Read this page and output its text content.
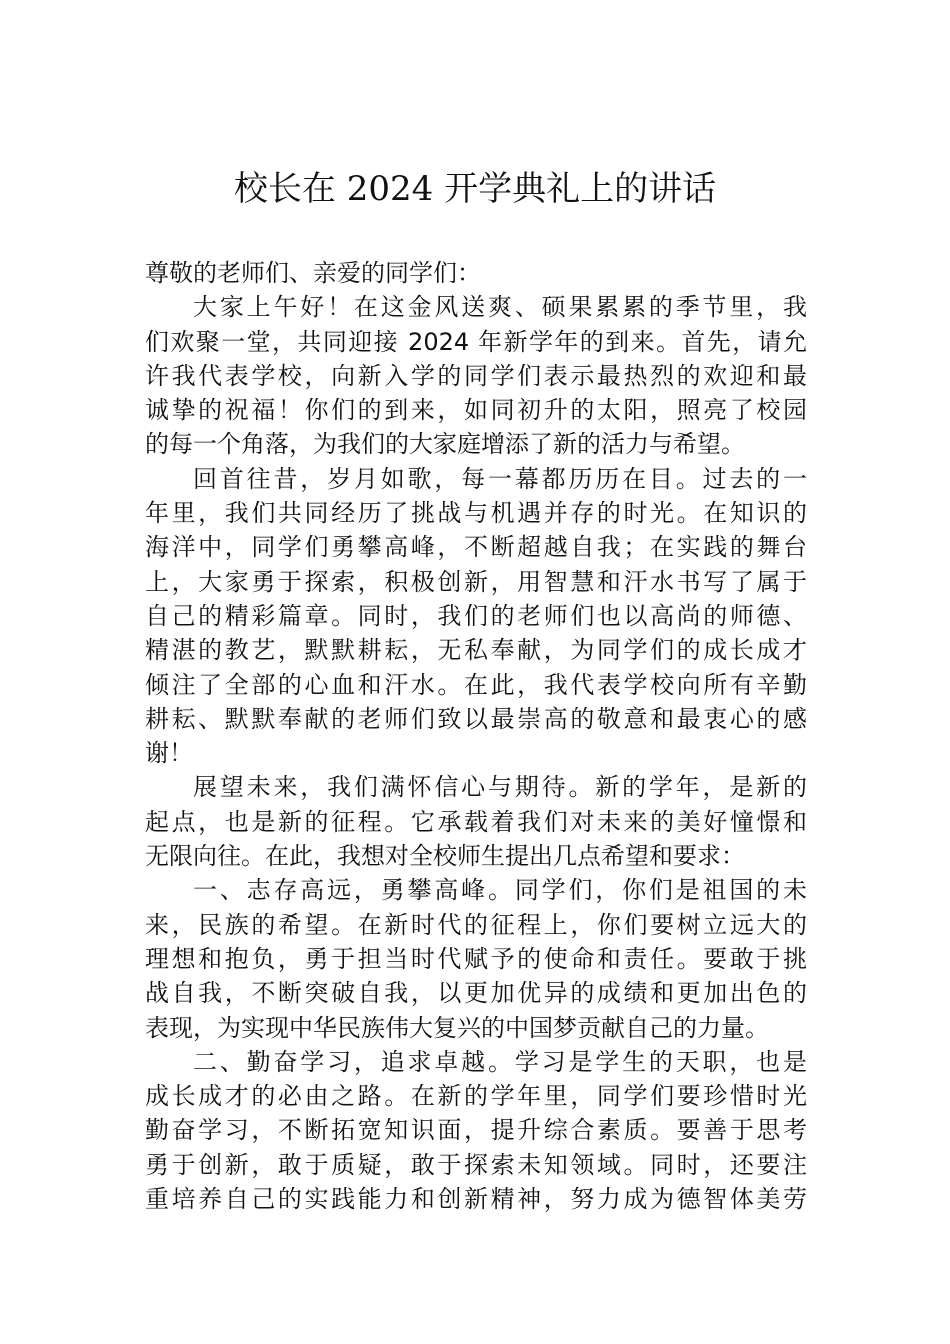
校长在 2024 开学典礼上的讲话
尊敬的老师们、亲爱的同学们：
大家上午好！在这金风送爽、硕果累累的季节里，我
们欢聚一堂，共同迎接 2024 年新学年的到来。首先，请允
许我代表学校，向新入学的同学们表示最热烈的欢迎和最
诚挚的祝福！你们的到来，如同初升的太阳，照亮了校园
的每一个角落，为我们的大家庭增添了新的活力与希望。
回首往昔，岁月如歌，每一幕都历历在目。过去的一
年里，我们共同经历了挑战与机遇并存的时光。在知识的
海洋中，同学们勇攀高峰，不断超越自我；在实践的舞台
上，大家勇于探索，积极创新，用智慧和汗水书写了属于
自己的精彩篇章。同时，我们的老师们也以高尚的师德、
精湛的教艺，默默耕耘，无私奉献，为同学们的成长成才
倾注了全部的心血和汗水。在此，我代表学校向所有辛勤
耕耘、默默奉献的老师们致以最崇高的敬意和最衷心的感
谢！
展望未来，我们满怀信心与期待。新的学年，是新的
起点，也是新的征程。它承载着我们对未来的美好憧憬和
无限向往。在此，我想对全校师生提出几点希望和要求：
一、志存高远，勇攀高峰。同学们，你们是祖国的未
来，民族的希望。在新时代的征程上，你们要树立远大的
理想和抱负，勇于担当时代赋予的使命和责任。要敢于挑
战自我，不断突破自我，以更加优异的成绩和更加出色的
表现，为实现中华民族伟大复兴的中国梦贡献自己的力量。
二、勤奋学习，追求卓越。学习是学生的天职，也是
成长成才的必由之路。在新的学年里，同学们要珍惜时光
勤奋学习，不断拓宽知识面，提升综合素质。要善于思考
勇于创新，敢于质疑，敢于探索未知领域。同时，还要注
重培养自己的实践能力和创新精神，努力成为德智体美劳
